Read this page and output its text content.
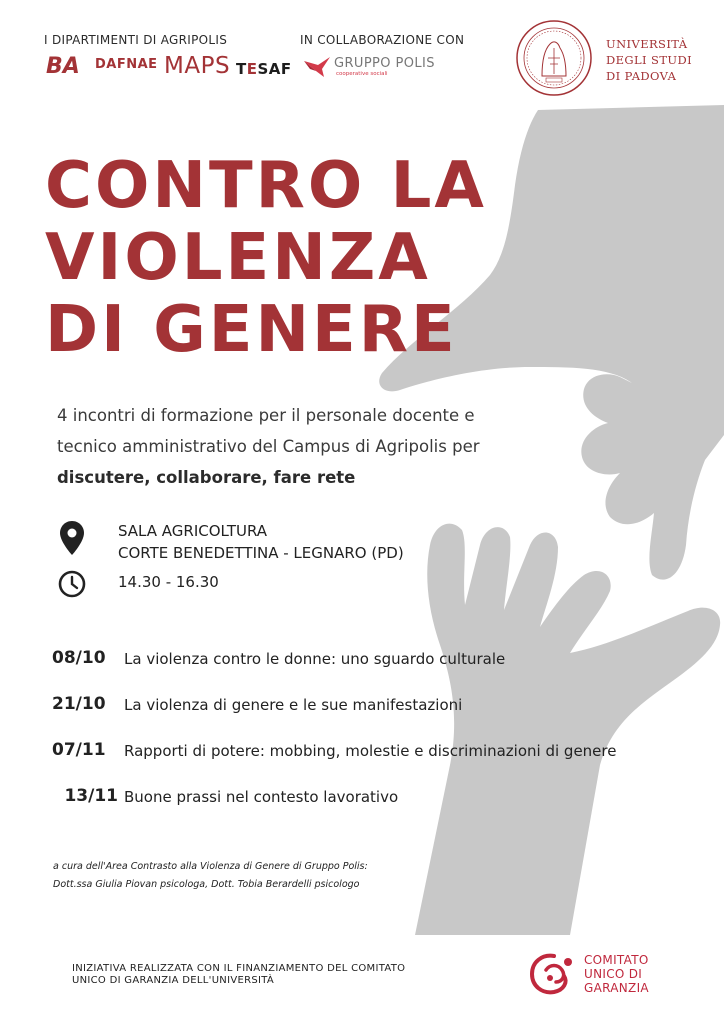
I DIPARTIMENTI DI AGRIPOLIS	IN COLLABORAZIONE CON
BA DAFNAE MAPS TESAF	GRUPPO POLIS
cooperative sociali
UNIVERSITÀ
DEGLI STUDI
DI PADOVA
CONTRO LA
VIOLENZA
DI GENERE
4 incontri di formazione per il personale docente e
tecnico amministrativo del Campus di Agripolis per
discutere, collaborare, fare rete
SALA AGRICOLTURA
CORTE BENEDETTINA - LEGNARO (PD)
14.30 - 16.30
08/10	La violenza contro le donne: uno sguardo culturale
21/10	La violenza di genere e le sue manifestazioni
07/11	Rapporti di potere: mobbing, molestie e discriminazioni di genere
13/11 Buone prassi nel contesto lavorativo
a cura dell'Area Contrasto alla Violenza di Genere di Gruppo Polis:
Dott.ssa Giulia Piovan psicologa, Dott. Tobia Berardelli psicologo
INIZIATIVA REALIZZATA CON IL FINANZIAMENTO DEL COMITATO
UNICO DI GARANZIA DELL'UNIVERSITÀ
COMITATO
UNICO DI
GARANZIA
